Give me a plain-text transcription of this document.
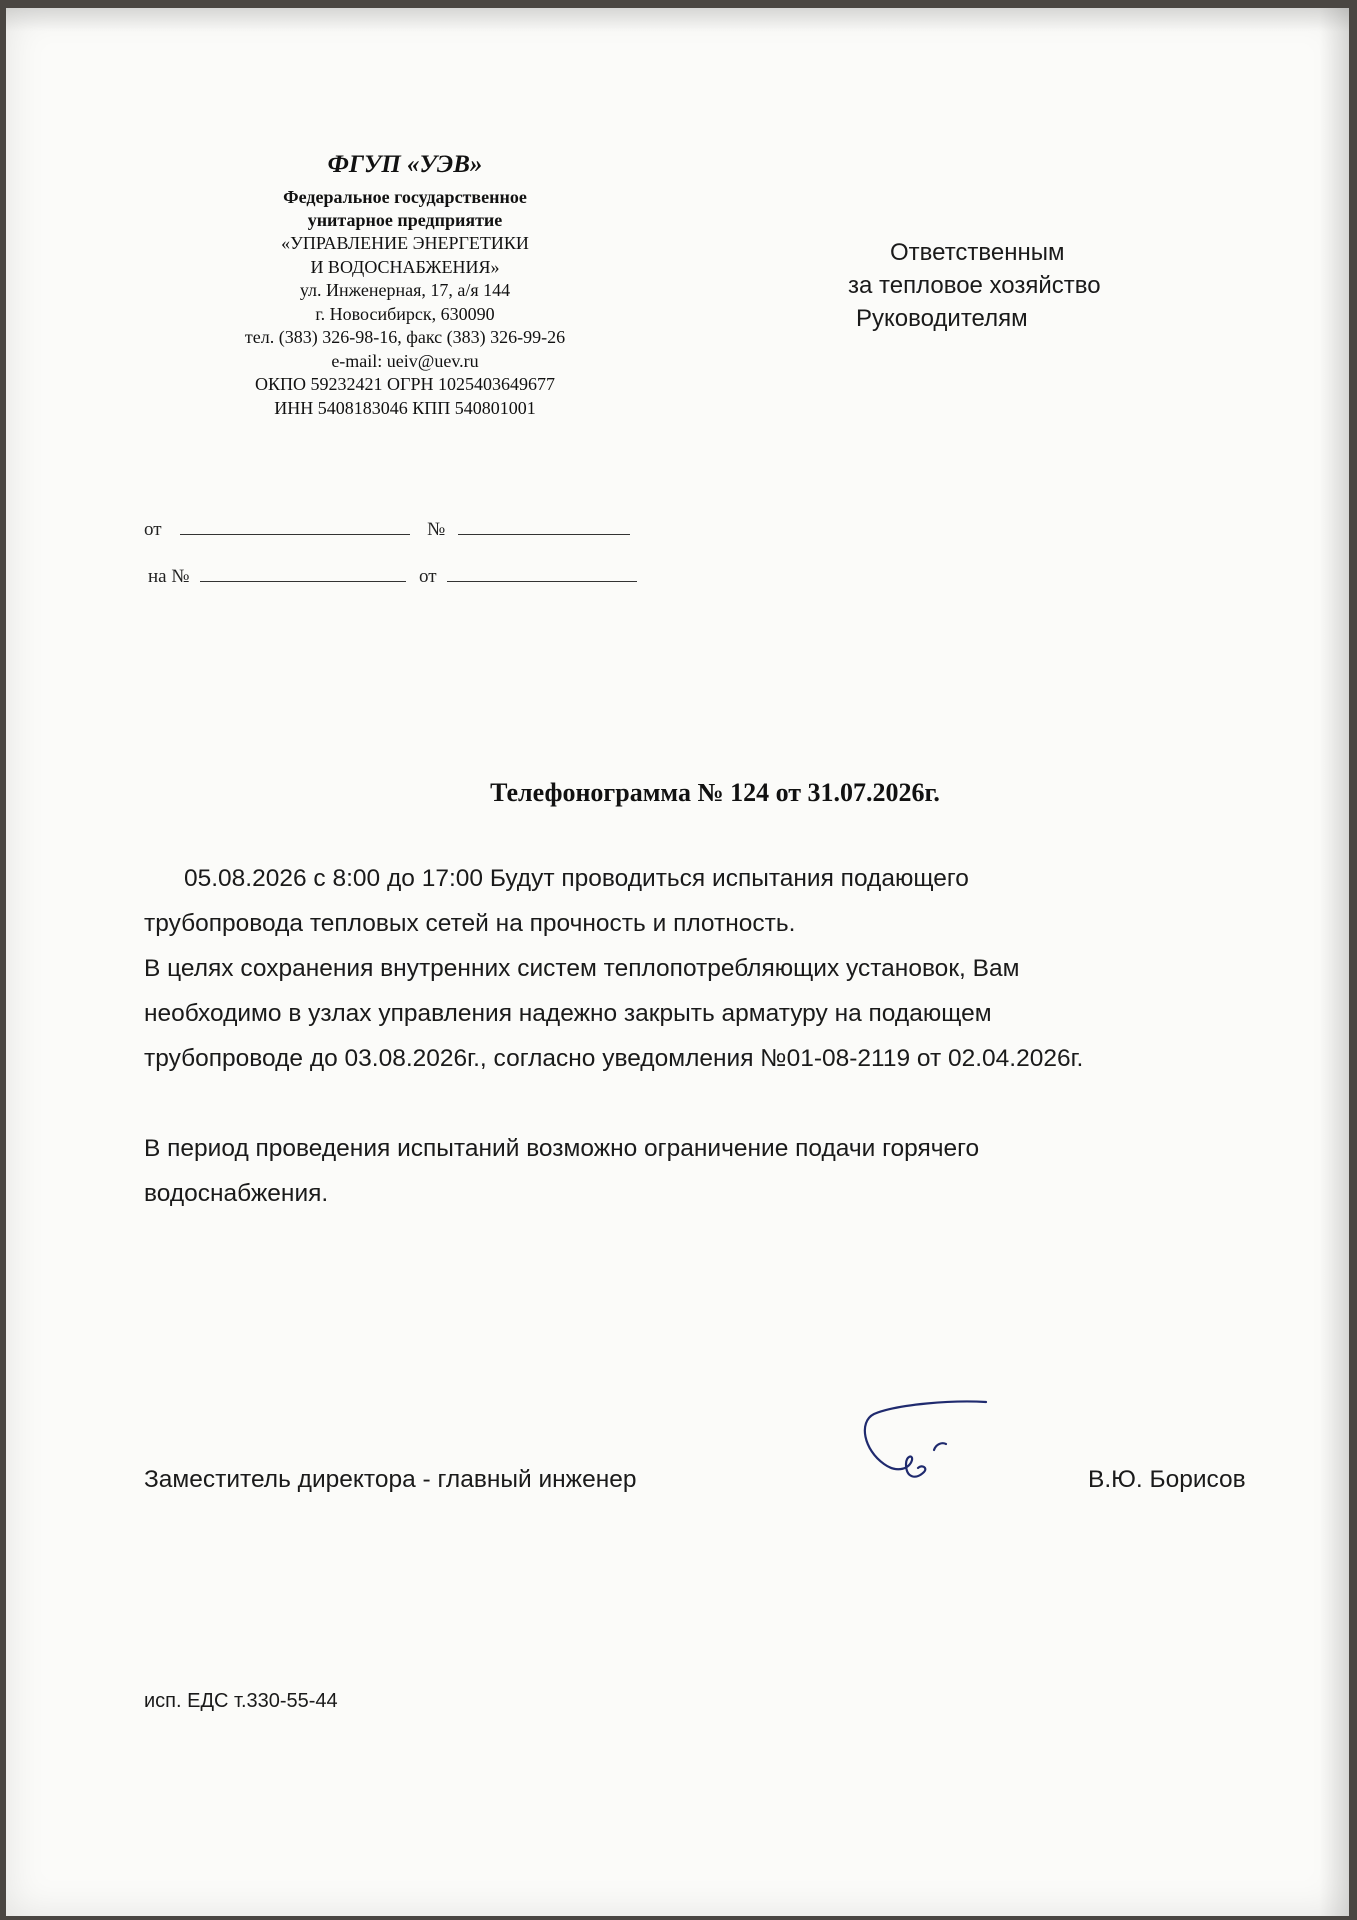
ФГУП «УЭВ»
Федеральное государственное
унитарное предприятие
«УПРАВЛЕНИЕ ЭНЕРГЕТИКИ
И ВОДОСНАБЖЕНИЯ»
ул. Инженерная, 17, а/я 144
г. Новосибирск, 630090
тел. (383) 326-98-16, факс (383) 326-99-26
e-mail: ueiv@uev.ru
ОКПО 59232421 ОГРН 1025403649677
ИНН 5408183046 КПП 540801001
Ответственным
за тепловое хозяйство
Руководителям
от	№
на №	от
Телефонограмма № 124 от 31.07.2026г.

05.08.2026 с 8:00 до 17:00 Будут проводиться испытания подающего

трубопровода тепловых сетей на прочность и плотность.

В целях сохранения внутренних систем теплопотребляющих установок, Вам

необходимо в узлах управления надежно закрыть арматуру на подающем

трубопроводе до 03.08.2026г., согласно уведомления №01-08-2119 от 02.04.2026г.

В период проведения испытаний возможно ограничение подачи горячего

водоснабжения.

Заместитель директора - главный инженер	В.Ю. Борисов
исп. ЕДС т.330-55-44
